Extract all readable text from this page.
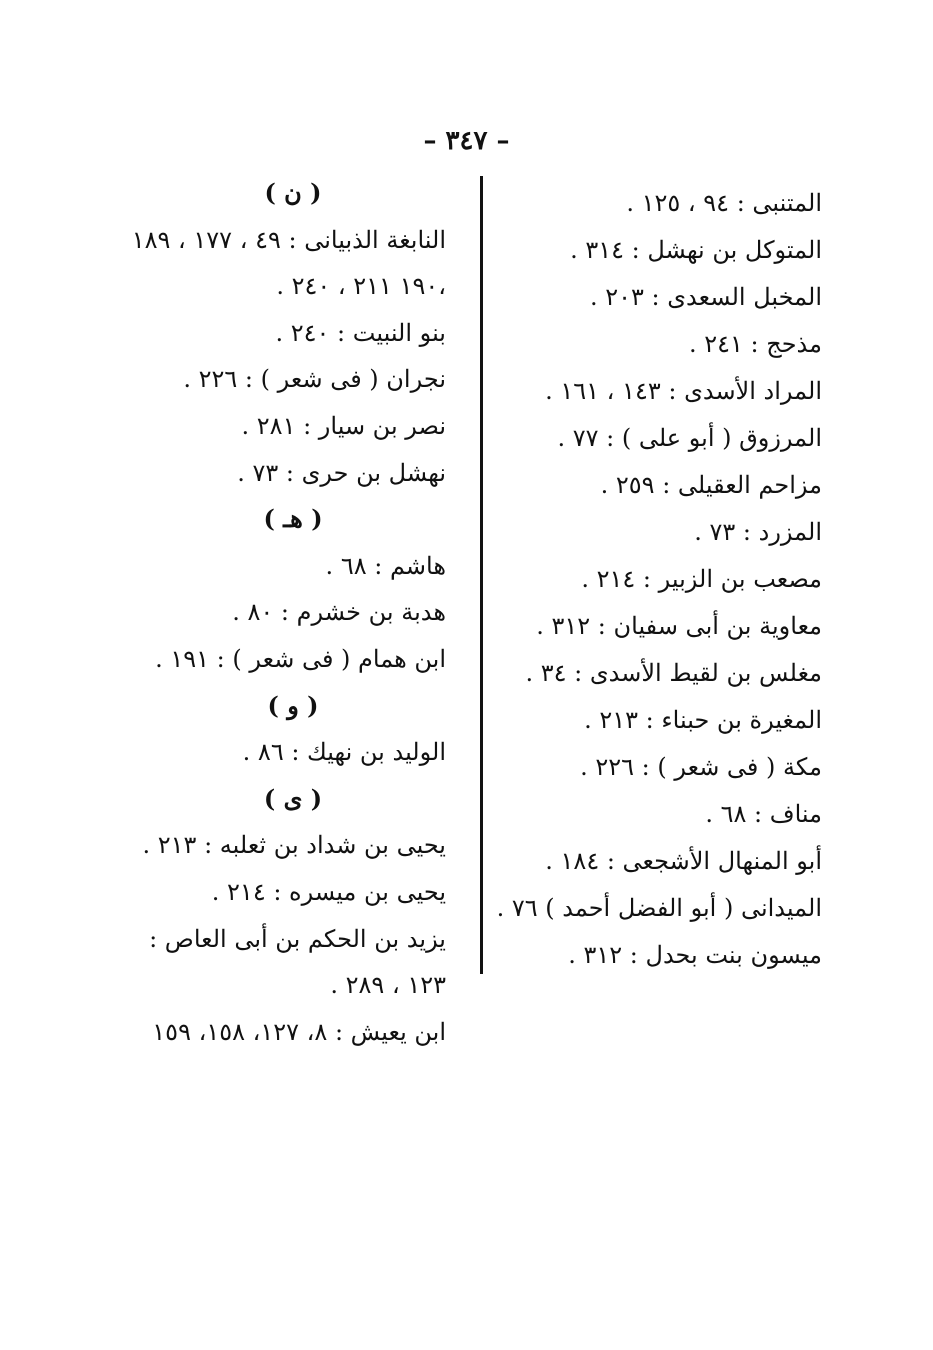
– ٣٤٧ –
المتنبى : ٩٤ ، ١٢٥ .
المتوكل بن نهشل : ٣١٤ .
المخبل السعدى : ٢٠٣ .
مذحج : ٢٤١ .
المراد الأسدى : ١٤٣ ، ١٦١ .
المرزوق ( أبو على ) : ٧٧ .
مزاحم العقيلى : ٢٥٩ .
المزرد : ٧٣ .
مصعب بن الزبير : ٢١٤ .
معاوية بن أبى سفيان : ٣١٢ .
مغلس بن لقيط الأسدى : ٣٤ .
المغيرة بن حبناء : ٢١٣ .
مكة ( فى شعر ) : ٢٢٦ .
مناف : ٦٨ .
أبو المنهال الأشجعى : ١٨٤ .
الميدانى ( أبو الفضل أحمد ) ٧٦ .
ميسون بنت بحدل : ٣١٢ .
( ن )
النابغة الذبيانى : ٤٩ ، ١٧٧ ، ١٨٩
،١٩٠ ٢١١ ، ٢٤٠ .
بنو النبيت : ٢٤٠ .
نجران ( فى شعر ) : ٢٢٦ .
نصر بن سيار : ٢٨١ .
نهشل بن حرى : ٧٣ .
( هـ )
هاشم : ٦٨ .
هدبة بن خشرم : ٨٠ .
ابن همام ( فى شعر ) : ١٩١ .
( و )
الوليد بن نهيك : ٨٦ .
( ى )
يحيى بن شداد بن ثعلبه : ٢١٣ .
يحيى بن ميسره : ٢١٤ .
يزيد بن الحكم بن أبى العاص :
١٢٣ ، ٢٨٩ .
ابن يعيش : ٨، ١٢٧، ١٥٨، ١٥٩
